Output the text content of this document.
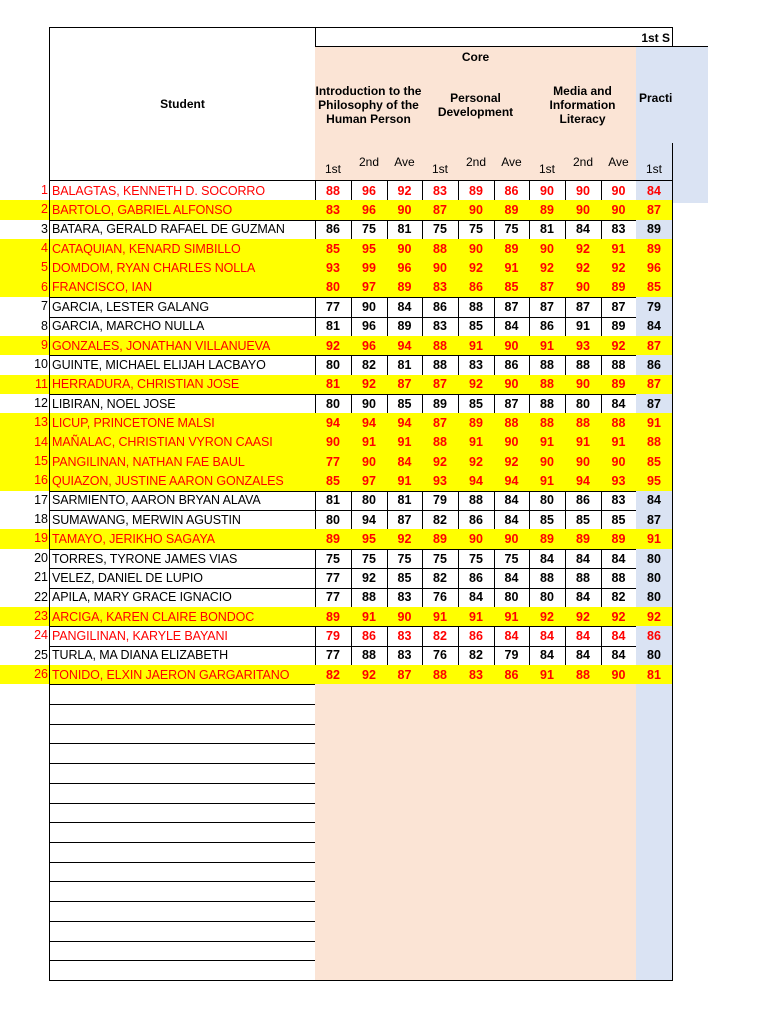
1st S
Student
Core
Introduction to the Philosophy of the Human Person
Personal Development
Media and Information Literacy
Practi
1st
2nd Ave
1st
2nd Ave
1st
2nd Ave
1st
1 BALAGTAS, KENNETH D. SOCORRO	88 96 92 83 89 86 90 90 90 84
2 BARTOLO, GABRIEL ALFONSO	83 96 90 87 90 89 89 90 90 87
3 BATARA, GERALD RAFAEL DE GUZMAN	86 75 81 75 75 75 81 84 83 89
4 CATAQUIAN, KENARD SIMBILLO	85 95 90 88 90 89 90 92 91 89
5 DOMDOM, RYAN CHARLES NOLLA	93 99 96 90 92 91 92 92 92 96
6 FRANCISCO, IAN	80 97 89 83 86 85 87 90 89 85
7 GARCIA, LESTER GALANG	77 90 84 86 88 87 87 87 87 79
8 GARCIA, MARCHO NULLA	81 96 89 83 85 84 86 91 89 84
9 GONZALES, JONATHAN VILLANUEVA	92 96 94 88 91 90 91 93 92 87
10 GUINTE, MICHAEL ELIJAH LACBAYO	80 82 81 88 83 86 88 88 88 86
11 HERRADURA, CHRISTIAN JOSE	81 92 87 87 92 90 88 90 89 87
12 LIBIRAN, NOEL JOSE	80 90 85 89 85 87 88 80 84 87
13 LICUP, PRINCETONE MALSI	94 94 94 87 89 88 88 88 88 91
14 MAÑALAC, CHRISTIAN VYRON CAASI	90 91 91 88 91 90 91 91 91 88
15 PANGILINAN, NATHAN FAE BAUL	77 90 84 92 92 92 90 90 90 85
16 QUIAZON, JUSTINE AARON GONZALES	85 97 91 93 94 94 91 94 93 95
17 SARMIENTO, AARON BRYAN ALAVA	81 80 81 79 88 84 80 86 83 84
18 SUMAWANG, MERWIN AGUSTIN	80 94 87 82 86 84 85 85 85 87
19 TAMAYO, JERIKHO SAGAYA	89 95 92 89 90 90 89 89 89 91
20 TORRES, TYRONE JAMES VIAS	75 75 75 75 75 75 84 84 84 80
21 VELEZ, DANIEL DE LUPIO	77 92 85 82 86 84 88 88 88 80
22 APILA, MARY GRACE IGNACIO	77 88 83 76 84 80 80 84 82 80
23 ARCIGA, KAREN CLAIRE BONDOC	89 91 90 91 91 91 92 92 92 92
24 PANGILINAN, KARYLE BAYANI	79 86 83 82 86 84 84 84 84 86
25 TURLA, MA DIANA ELIZABETH	77 88 83 76 82 79 84 84 84 80
26 TONIDO, ELXIN JAERON GARGARITANO	82 92 87 88 83 86 91 88 90 81
